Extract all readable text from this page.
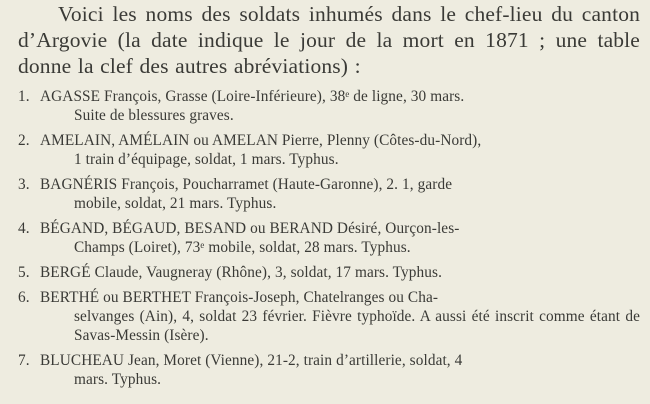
Voici les noms des soldats inhumés dans le chef-lieu du canton d’Argovie (la date indique le jour de la mort en 1871 ; une table donne la clef des autres abréviations) :

1. AGASSE François, Grasse (Loire-Inférieure), 38ᵉ de ligne, 30 mars.
Suite de blessures graves.
2. AMELAIN, AMÉLAIN ou AMELAN Pierre, Plenny (Côtes-du-Nord),
1 train d’équipage, soldat, 1 mars. Typhus.
3. BAGNÉRIS François, Poucharramet (Haute-Garonne), 2. 1, garde
mobile, soldat, 21 mars. Typhus.
4. BÉGAND, BÉGAUD, BESAND ou BERAND Désiré, Ourçon-les-
Champs (Loiret), 73ᵉ mobile, soldat, 28 mars. Typhus.
5. BERGÉ Claude, Vaugneray (Rhône), 3, soldat, 17 mars. Typhus.
6. BERTHÉ ou BERTHET François-Joseph, Chatelranges ou Cha-
selvanges (Ain), 4, soldat 23 février. Fièvre typhoïde. A aussi été inscrit comme étant de Savas-Messin (Isère).
7. BLUCHEAU Jean, Moret (Vienne), 21-2, train d’artillerie, soldat, 4
mars. Typhus.
